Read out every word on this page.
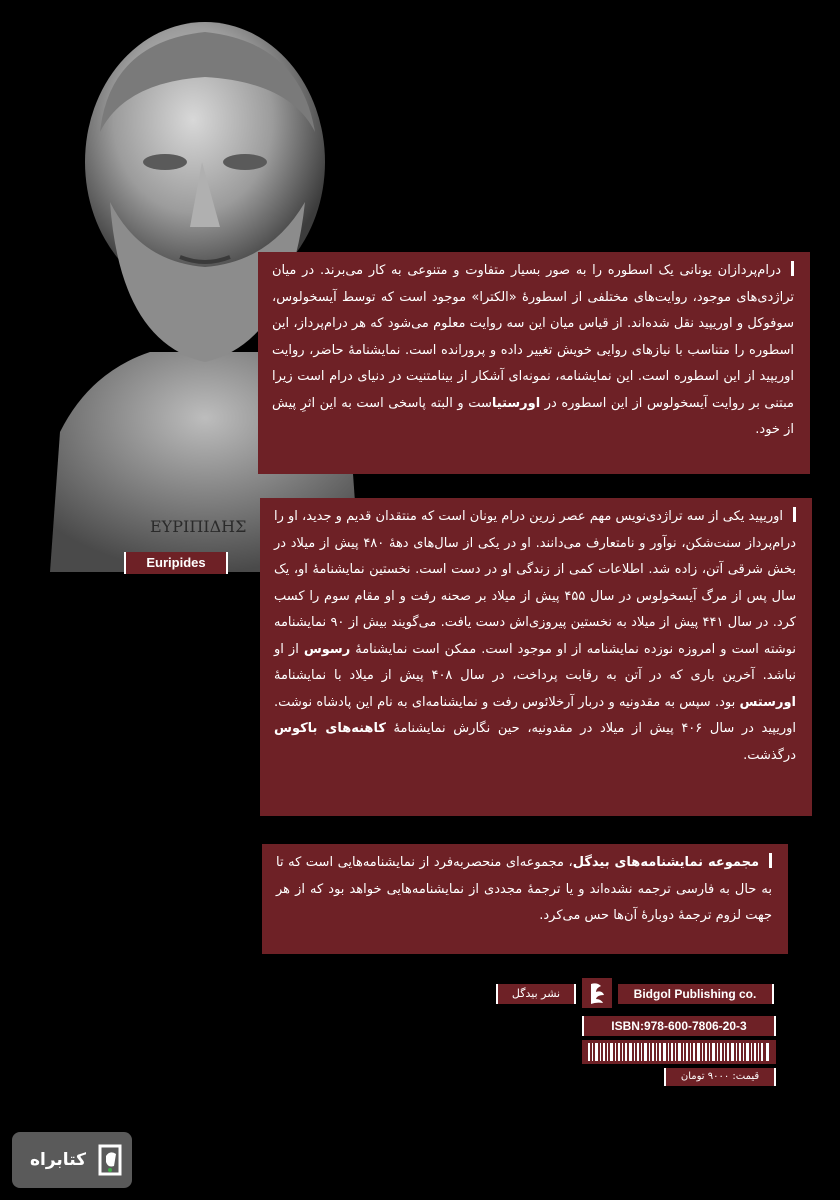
ΕΥΡΙΠΙΔΗΣ
Euripides

درام‌پردازان یونانی یک اسطوره را به صور بسیار متفاوت و متنوعی به کار می‌برند. در میان تراژدی‌های موجود، روایت‌های مختلفی از اسطورهٔ «الکترا» موجود است که توسط آیسخولوس، سوفوکل و اوریپید نقل شده‌اند. از قیاس میان این سه روایت معلوم می‌شود که هر درام‌پرداز، این اسطوره را متناسب با نیازهای روایی خویش تغییر داده و پرورانده است. نمایشنامهٔ حاضر، روایت اوریپید از این اسطوره است. این نمایشنامه، نمونه‌ای آشکار از بینامتنیت در دنیای درام است زیرا مبتنی بر روایت آیسخولوس از این اسطوره در اورستیاست و البته پاسخی است به این اثرِ پیش از خود.

اوریپید یکی از سه تراژدی‌نویس مهم عصر زرین درام یونان است که منتقدان قدیم و جدید، او را درام‌پرداز سنت‌شکن، نوآور و نامتعارف می‌دانند. او در یکی از سال‌های دههٔ ۴۸۰ پیش از میلاد در بخش شرقی آتن، زاده شد. اطلاعات کمی از زندگی او در دست است. نخستین نمایشنامهٔ او، یک سال پس از مرگ آیسخولوس در سال ۴۵۵ پیش از میلاد بر صحنه رفت و او مقام سوم را کسب کرد. در سال ۴۴۱ پیش از میلاد به نخستین پیروزی‌اش دست یافت. می‌گویند بیش از ۹۰ نمایشنامه نوشته است و امروزه نوزده نمایشنامه از او موجود است. ممکن است نمایشنامهٔ رسوس از او نباشد. آخرین باری که در آتن به رقابت پرداخت، در سال ۴۰۸ پیش از میلاد با نمایشنامهٔ اورستس بود. سپس به مقدونیه و دربار آرخلائوس رفت و نمایشنامه‌ای به نام این پادشاه نوشت. اوریپید در سال ۴۰۶ پیش از میلاد در مقدونیه، حین نگارش نمایشنامهٔ کاهنه‌های باکوس درگذشت.

مجموعه نمایشنامه‌های بیدگل، مجموعه‌ای منحصربه‌فرد از نمایشنامه‌هایی است که تا به حال به فارسی ترجمه نشده‌اند و یا ترجمهٔ مجددی از نمایشنامه‌هایی خواهد بود که از هر جهت لزوم ترجمهٔ دوبارهٔ آن‌ها حس می‌کرد.

نشر بیدگل	Bidgol Publishing co.
ISBN:978-600-7806-20-3
قیمت: ۹۰۰۰ تومان
کتابراه
